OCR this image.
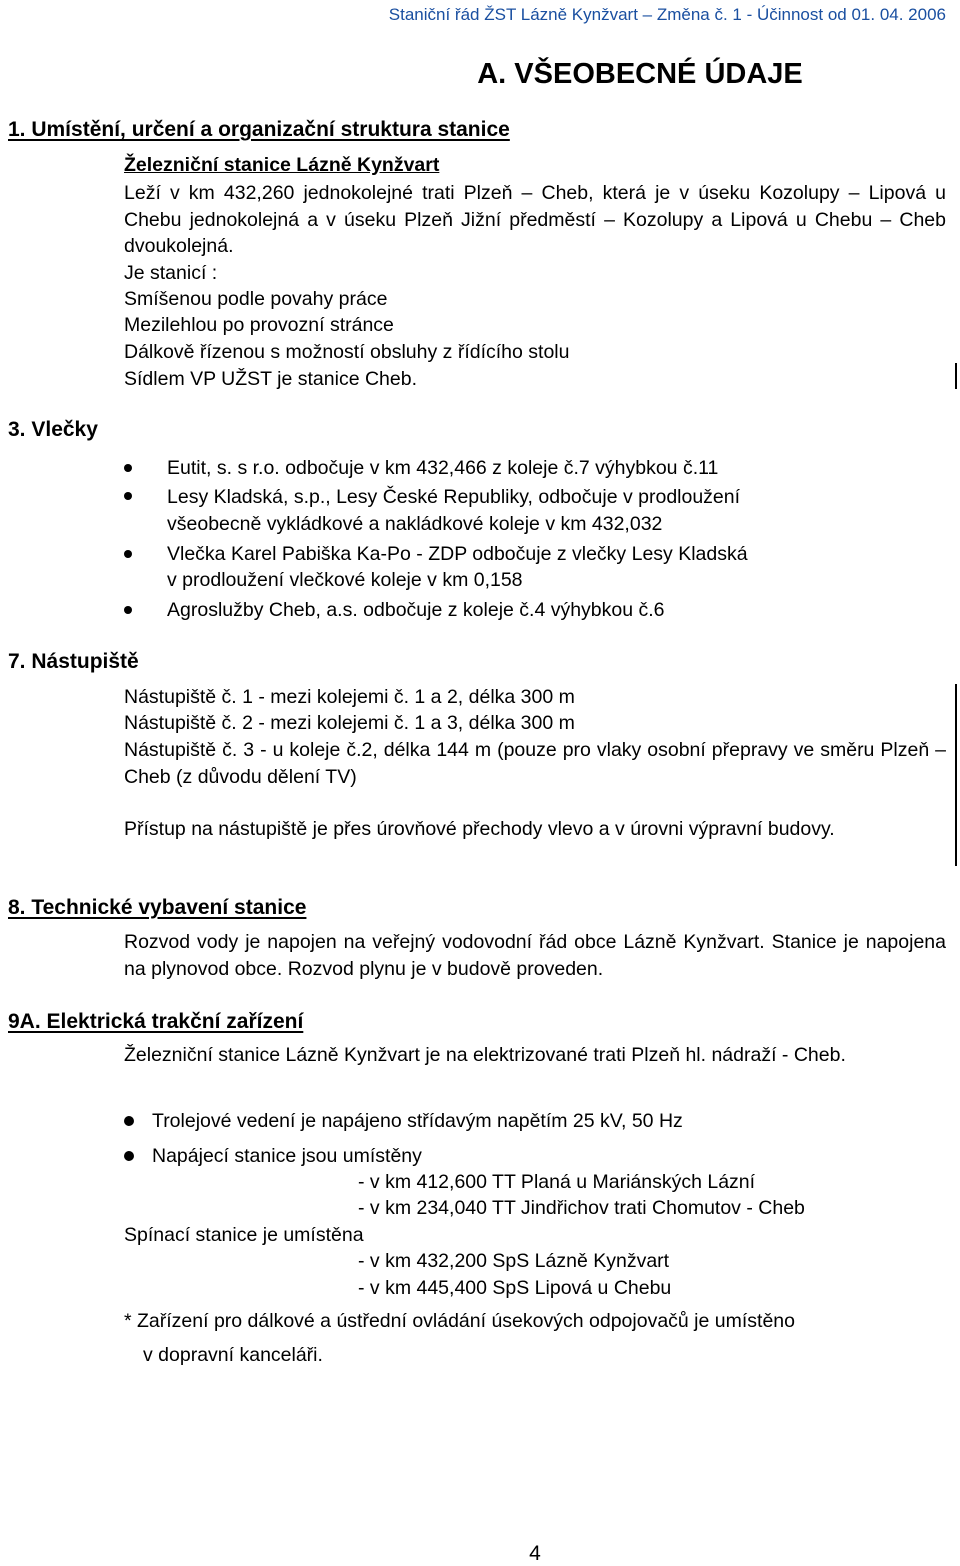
Staniční řád ŽST Lázně Kynžvart – Změna č. 1 - Účinnost od 01. 04. 2006
A. VŠEOBECNÉ ÚDAJE
1. Umístění, určení a organizační struktura stanice
Železniční stanice Lázně Kynžvart
Leží v km 432,260 jednokolejné trati Plzeň – Cheb, která je v úseku Kozolupy – Lipová u Chebu jednokolejná a v úseku Plzeň Jižní předměstí – Kozolupy a Lipová u Chebu – Cheb dvoukolejná.
Je stanicí :
Smíšenou podle povahy práce
Mezilehlou po provozní stránce
Dálkově řízenou s možností obsluhy z řídícího stolu
Sídlem VP UŽST je stanice Cheb.
3. Vlečky
Eutit, s. s r.o. odbočuje v km 432,466 z koleje č.7 výhybkou č.11
Lesy Kladská, s.p., Lesy České Republiky, odbočuje v prodloužení
všeobecně vykládkové a nakládkové koleje v km 432,032
Vlečka Karel Pabiška Ka-Po - ZDP odbočuje z vlečky Lesy Kladská
v prodloužení vlečkové koleje v km 0,158
Agroslužby Cheb, a.s. odbočuje z koleje č.4 výhybkou č.6
7. Nástupiště
Nástupiště č. 1 - mezi kolejemi č. 1 a 2, délka 300 m
Nástupiště č. 2 - mezi kolejemi č. 1 a 3, délka 300 m
Nástupiště č. 3 - u koleje č.2, délka 144 m (pouze pro vlaky osobní přepravy ve směru Plzeň – Cheb (z důvodu dělení TV)
Přístup na nástupiště je přes úrovňové přechody vlevo a v úrovni výpravní budovy.
8. Technické vybavení stanice
Rozvod vody je napojen na veřejný vodovodní řád obce Lázně Kynžvart. Stanice je napojena na plynovod obce. Rozvod plynu je v budově proveden.
9A. Elektrická trakční zařízení
Železniční stanice Lázně Kynžvart je na elektrizované trati Plzeň hl. nádraží - Cheb.
Trolejové vedení je napájeno střídavým napětím 25 kV, 50 Hz
Napájecí stanice jsou umístěny
- v km 412,600 TT Planá u Mariánských Lázní
- v km 234,040 TT Jindřichov trati Chomutov - Cheb
Spínací stanice je umístěna
- v km 432,200 SpS Lázně Kynžvart
- v km 445,400 SpS Lipová u Chebu
* Zařízení pro dálkové a ústřední ovládání úsekových odpojovačů je umístěno
v dopravní kanceláři.
4
